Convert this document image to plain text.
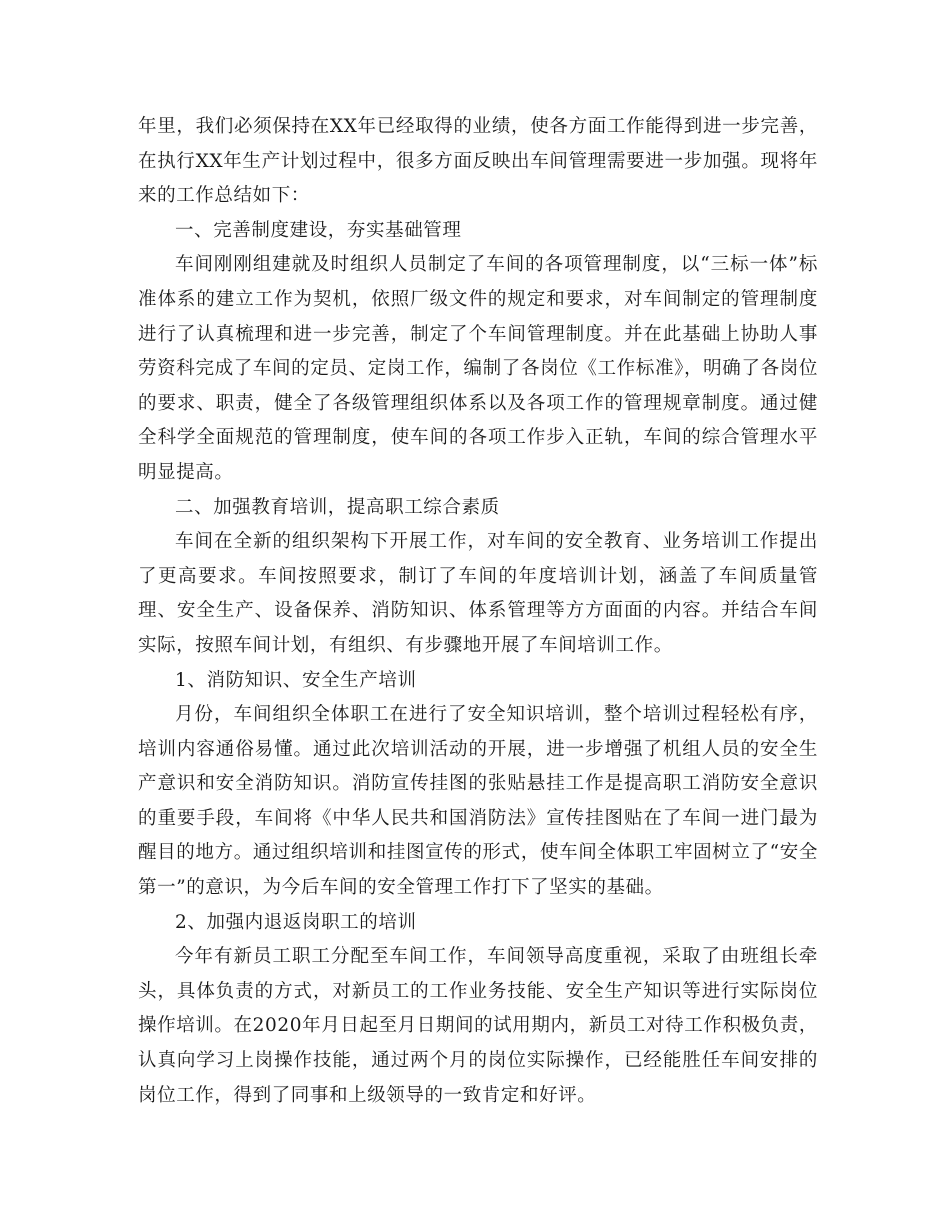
年里，我们必须保持在XX年已经取得的业绩，使各方面工作能得到进一步完善，在执行XX年生产计划过程中，很多方面反映出车间管理需要进一步加强。现将年来的工作总结如下：

一、完善制度建设，夯实基础管理

车间刚刚组建就及时组织人员制定了车间的各项管理制度，以“三标一体”标准体系的建立工作为契机，依照厂级文件的规定和要求，对车间制定的管理制度进行了认真梳理和进一步完善，制定了个车间管理制度。并在此基础上协助人事劳资科完成了车间的定员、定岗工作，编制了各岗位《工作标准》，明确了各岗位的要求、职责，健全了各级管理组织体系以及各项工作的管理规章制度。通过健全科学全面规范的管理制度，使车间的各项工作步入正轨，车间的综合管理水平明显提高。

二、加强教育培训，提高职工综合素质

车间在全新的组织架构下开展工作，对车间的安全教育、业务培训工作提出了更高要求。车间按照要求，制订了车间的年度培训计划，涵盖了车间质量管理、安全生产、设备保养、消防知识、体系管理等方方面面的内容。并结合车间实际，按照车间计划，有组织、有步骤地开展了车间培训工作。

1、消防知识、安全生产培训

月份，车间组织全体职工在进行了安全知识培训，整个培训过程轻松有序，培训内容通俗易懂。通过此次培训活动的开展，进一步增强了机组人员的安全生产意识和安全消防知识。消防宣传挂图的张贴悬挂工作是提高职工消防安全意识的重要手段，车间将《中华人民共和国消防法》宣传挂图贴在了车间一进门最为醒目的地方。通过组织培训和挂图宣传的形式，使车间全体职工牢固树立了“安全第一”的意识，为今后车间的安全管理工作打下了坚实的基础。

2、加强内退返岗职工的培训

今年有新员工职工分配至车间工作，车间领导高度重视，采取了由班组长牵头，具体负责的方式，对新员工的工作业务技能、安全生产知识等进行实际岗位操作培训。在2020年月日起至月日期间的试用期内，新员工对待工作积极负责，认真向学习上岗操作技能，通过两个月的岗位实际操作，已经能胜任车间安排的岗位工作，得到了同事和上级领导的一致肯定和好评。
